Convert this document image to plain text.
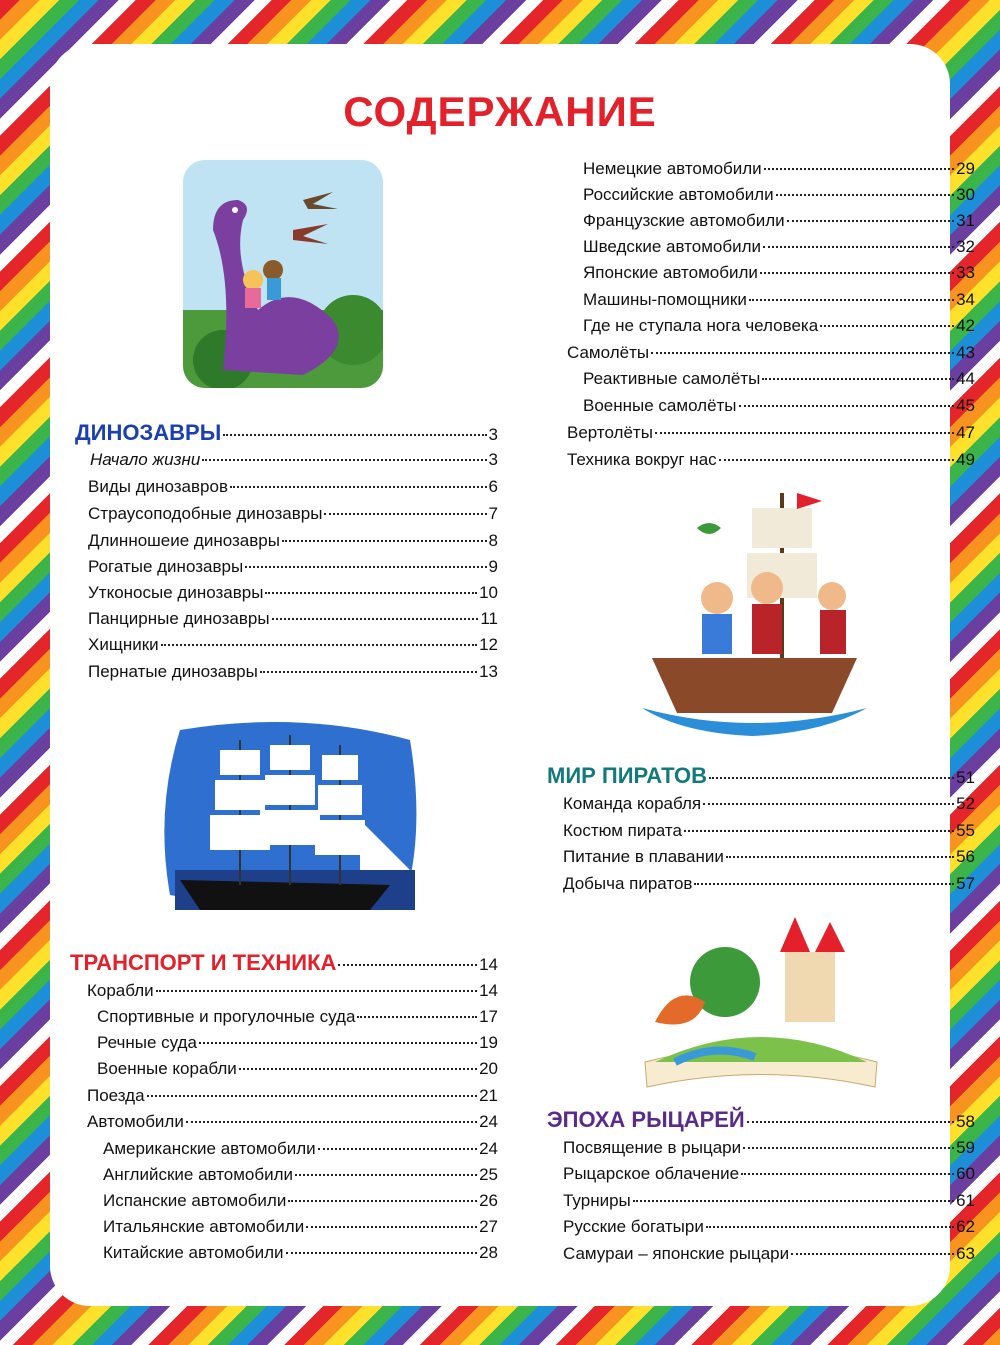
СОДЕРЖАНИЕ
ДИНОЗАВРЫ	3
Начало жизни	3
Виды динозавров	6
Страусоподобные динозавры	7
Длинношеие динозавры	8
Рогатые динозавры	9
Утконосые динозавры	10
Панцирные динозавры	11
Хищники	12
Пернатые динозавры	13
ТРАНСПОРТ И ТЕХНИКА	14
Корабли	14
Спортивные и прогулочные суда	17
Речные суда	19
Военные корабли	20
Поезда	21
Автомобили	24
Американские автомобили	24
Английские автомобили	25
Испанские автомобили	26
Итальянские автомобили	27
Китайские автомобили	28
Немецкие автомобили	29
Российские автомобили	30
Французские автомобили	31
Шведские автомобили	32
Японские автомобили	33
Машины-помощники	34
Где не ступала нога человека	42
Самолёты	43
Реактивные самолёты	44
Военные самолёты	45
Вертолёты	47
Техника вокруг нас	49
МИР ПИРАТОВ	51
Команда корабля	52
Костюм пирата	55
Питание в плавании	56
Добыча пиратов	57
ЭПОХА РЫЦАРЕЙ	58
Посвящение в рыцари	59
Рыцарское облачение	60
Турниры	61
Русские богатыри	62
Самураи – японские рыцари	63
